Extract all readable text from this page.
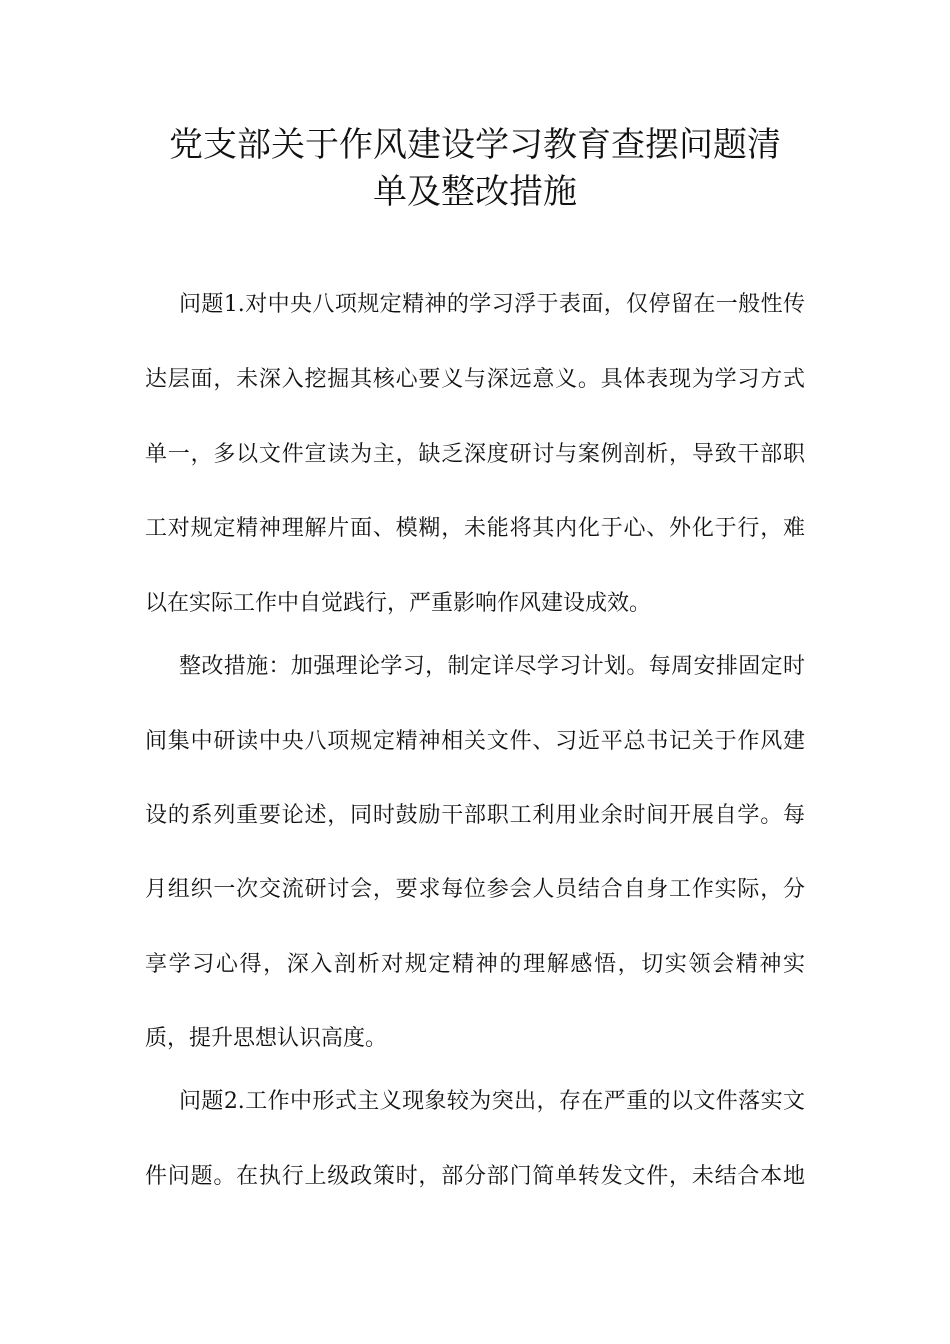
党支部关于作风建设学习教育查摆问题清
单及整改措施
问题1.对中央八项规定精神的学习浮于表面，仅停留在一般性传
达层面，未深入挖掘其核心要义与深远意义。具体表现为学习方式
单一，多以文件宣读为主，缺乏深度研讨与案例剖析，导致干部职
工对规定精神理解片面、模糊，未能将其内化于心、外化于行，难
以在实际工作中自觉践行，严重影响作风建设成效。
整改措施：加强理论学习，制定详尽学习计划。每周安排固定时
间集中研读中央八项规定精神相关文件、习近平总书记关于作风建
设的系列重要论述，同时鼓励干部职工利用业余时间开展自学。每
月组织一次交流研讨会，要求每位参会人员结合自身工作实际，分
享学习心得，深入剖析对规定精神的理解感悟，切实领会精神实
质，提升思想认识高度。
问题2.工作中形式主义现象较为突出，存在严重的以文件落实文
件问题。在执行上级政策时，部分部门简单转发文件，未结合本地
